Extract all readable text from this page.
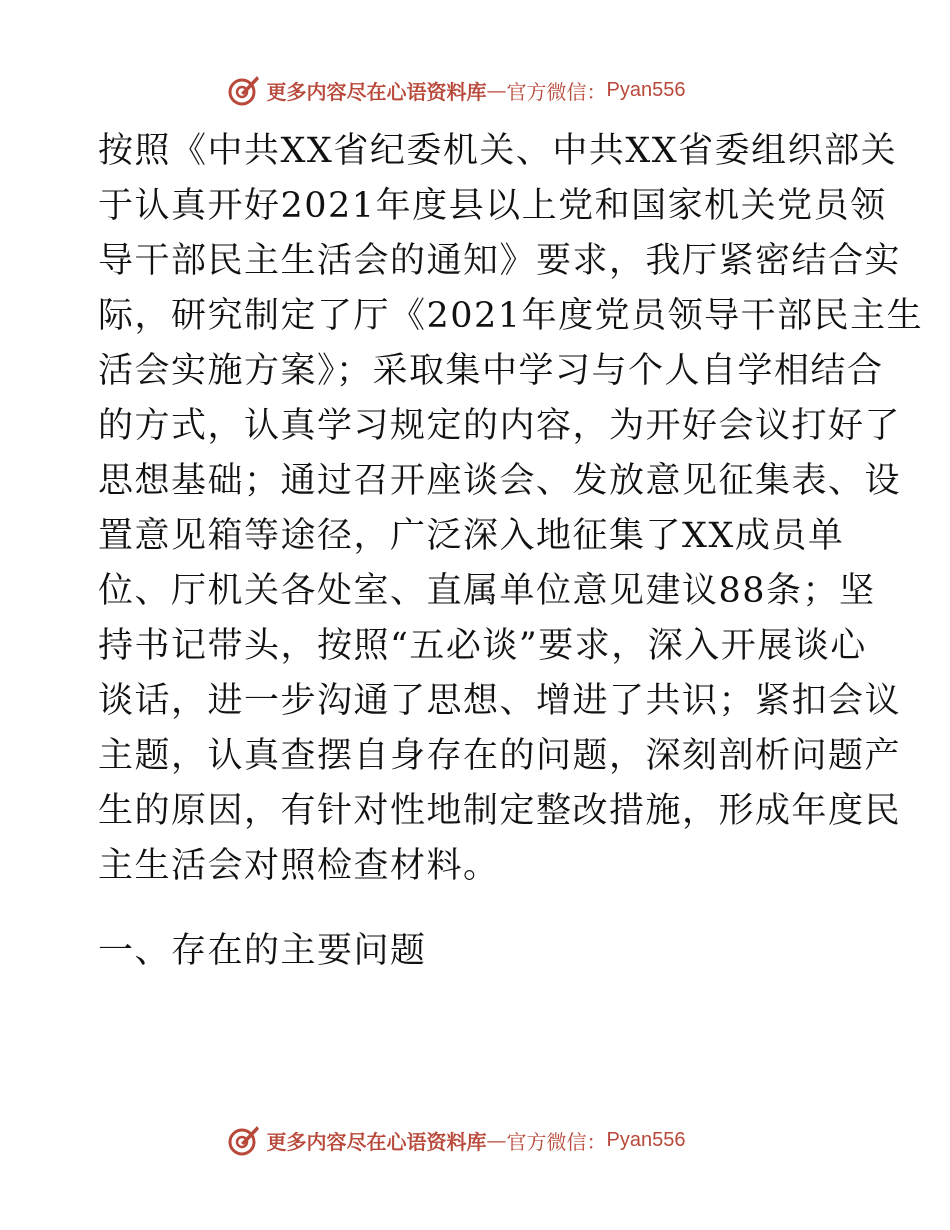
更多内容尽在心语资料库 — 官方微信： Pyan556
按照《中共XX省纪委机关、中共XX省委组织部关
于认真开好2021年度县以上党和国家机关党员领
导干部民主生活会的通知》要求，我厅紧密结合实
际，研究制定了厅《2021年度党员领导干部民主生
活会实施方案》；采取集中学习与个人自学相结合
的方式，认真学习规定的内容，为开好会议打好了
思想基础；通过召开座谈会、发放意见征集表、设
置意见箱等途径，广泛深入地征集了XX成员单
位、厅机关各处室、直属单位意见建议88条；坚
持书记带头，按照“五必谈”要求，深入开展谈心
谈话，进一步沟通了思想、增进了共识；紧扣会议
主题，认真查摆自身存在的问题，深刻剖析问题产
生的原因，有针对性地制定整改措施，形成年度民
主生活会对照检查材料。
一、存在的主要问题
更多内容尽在心语资料库 — 官方微信： Pyan556
